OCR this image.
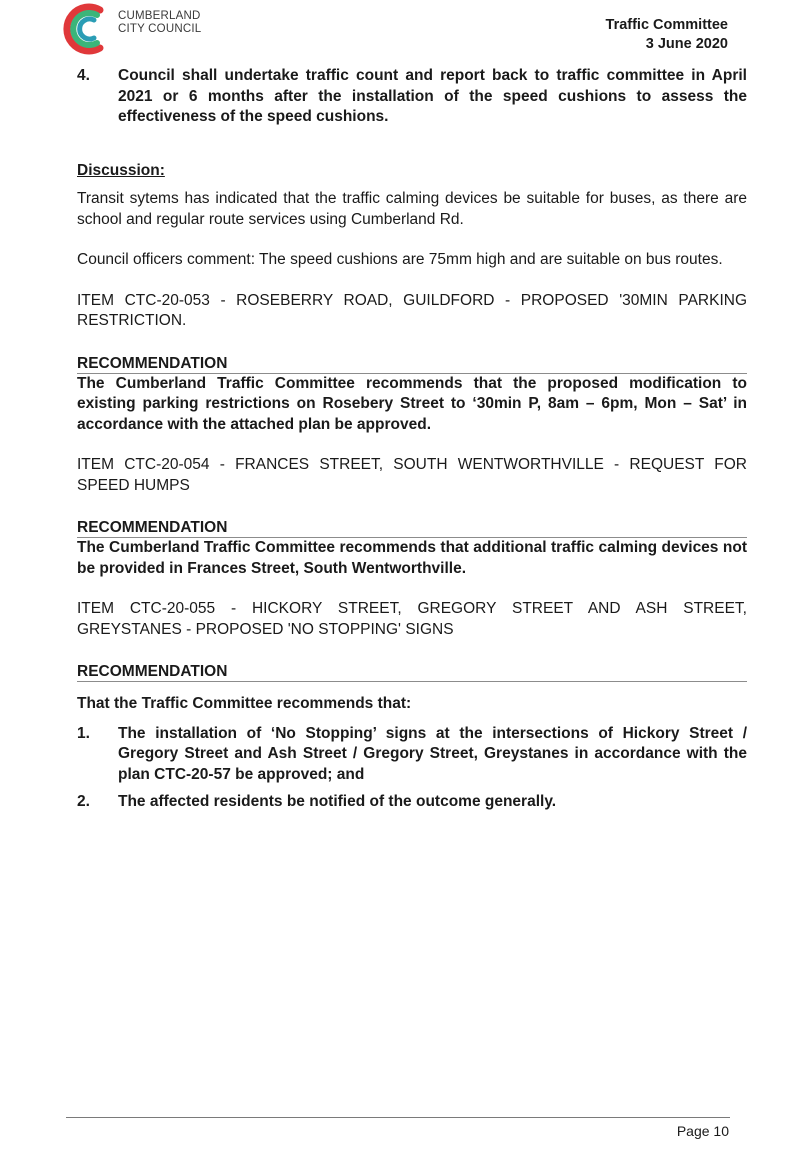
CUMBERLAND
CITY COUNCIL	Traffic Committee
3 June 2020
4.	Council shall undertake traffic count and report back to traffic committee in April 2021 or 6 months after the installation of the speed cushions to assess the effectiveness of the speed cushions.
Discussion:
Transit sytems has indicated that the traffic calming devices be suitable for buses, as there are school and regular route services using Cumberland Rd.
Council officers comment: The speed cushions are 75mm high and are suitable on bus routes.
ITEM CTC-20-053 - ROSEBERRY ROAD, GUILDFORD - PROPOSED '30MIN PARKING RESTRICTION.
RECOMMENDATION
The Cumberland Traffic Committee recommends that the proposed modification to existing parking restrictions on Rosebery Street to ‘30min P, 8am – 6pm, Mon – Sat’ in accordance with the attached plan be approved.
ITEM CTC-20-054 - FRANCES STREET, SOUTH WENTWORTHVILLE - REQUEST FOR SPEED HUMPS
RECOMMENDATION
The Cumberland Traffic Committee recommends that additional traffic calming devices not be provided in Frances Street, South Wentworthville.
ITEM CTC-20-055 - HICKORY STREET, GREGORY STREET AND ASH STREET, GREYSTANES - PROPOSED 'NO STOPPING' SIGNS
RECOMMENDATION
That the Traffic Committee recommends that:
1.	The installation of ‘No Stopping’ signs at the intersections of Hickory Street / Gregory Street and Ash Street / Gregory Street, Greystanes in accordance with the plan CTC-20-57 be approved; and
2.	The affected residents be notified of the outcome generally.
Page 10
